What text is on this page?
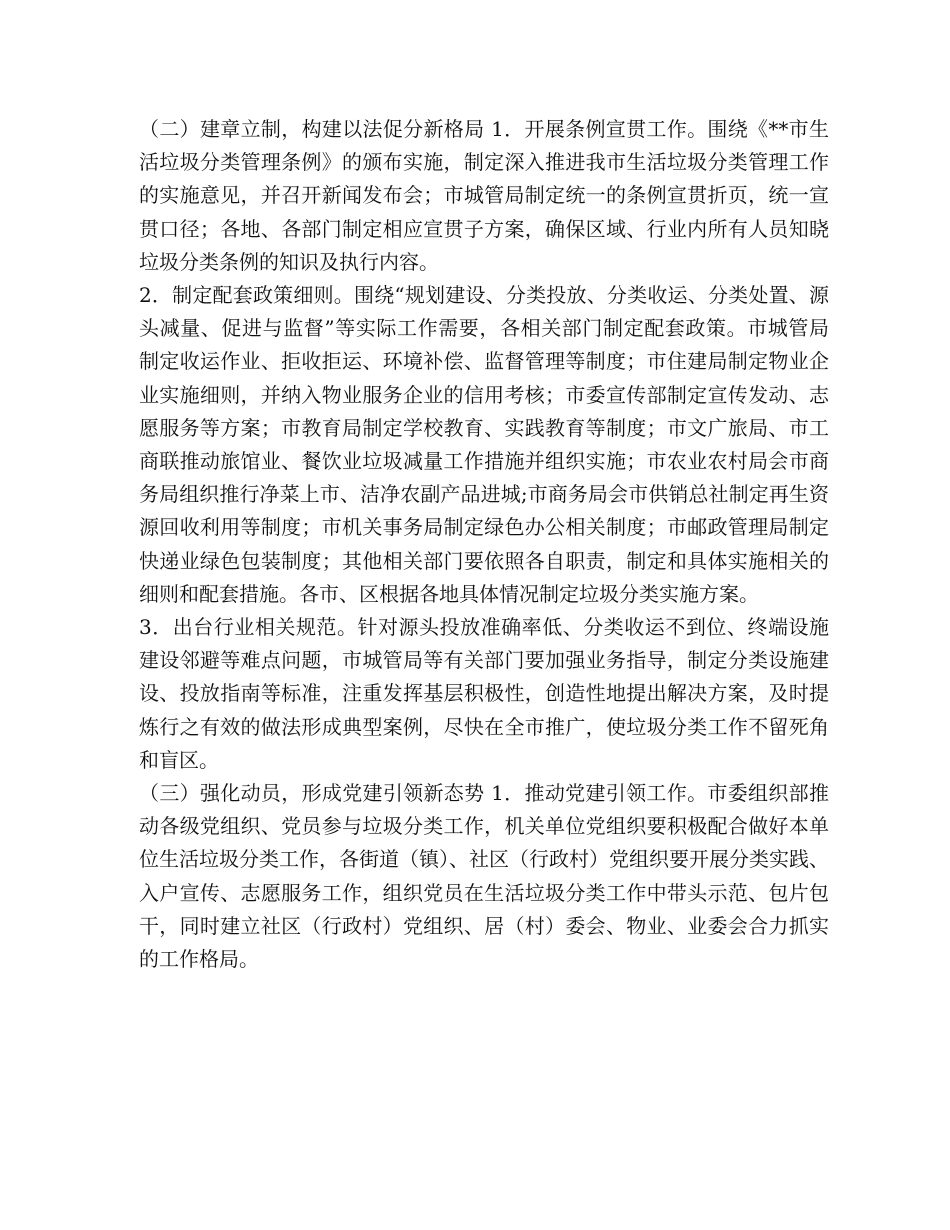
（二）建章立制，构建以法促分新格局 1．开展条例宣贯工作。围绕《**市生活垃圾分类管理条例》的颁布实施，制定深入推进我市生活垃圾分类管理工作的实施意见，并召开新闻发布会；市城管局制定统一的条例宣贯折页，统一宣贯口径；各地、各部门制定相应宣贯子方案，确保区域、行业内所有人员知晓垃圾分类条例的知识及执行内容。

2．制定配套政策细则。围绕“规划建设、分类投放、分类收运、分类处置、源头减量、促进与监督”等实际工作需要，各相关部门制定配套政策。市城管局制定收运作业、拒收拒运、环境补偿、监督管理等制度；市住建局制定物业企业实施细则，并纳入物业服务企业的信用考核；市委宣传部制定宣传发动、志愿服务等方案；市教育局制定学校教育、实践教育等制度；市文广旅局、市工商联推动旅馆业、餐饮业垃圾减量工作措施并组织实施；市农业农村局会市商务局组织推行净菜上市、洁净农副产品进城;市商务局会市供销总社制定再生资源回收利用等制度；市机关事务局制定绿色办公相关制度；市邮政管理局制定快递业绿色包装制度；其他相关部门要依照各自职责，制定和具体实施相关的细则和配套措施。各市、区根据各地具体情况制定垃圾分类实施方案。

3．出台行业相关规范。针对源头投放准确率低、分类收运不到位、终端设施建设邻避等难点问题，市城管局等有关部门要加强业务指导，制定分类设施建设、投放指南等标准，注重发挥基层积极性，创造性地提出解决方案，及时提炼行之有效的做法形成典型案例，尽快在全市推广，使垃圾分类工作不留死角和盲区。

（三）强化动员，形成党建引领新态势 1．推动党建引领工作。市委组织部推动各级党组织、党员参与垃圾分类工作，机关单位党组织要积极配合做好本单位生活垃圾分类工作，各街道（镇）、社区（行政村）党组织要开展分类实践、入户宣传、志愿服务工作，组织党员在生活垃圾分类工作中带头示范、包片包干，同时建立社区（行政村）党组织、居（村）委会、物业、业委会合力抓实的工作格局。
